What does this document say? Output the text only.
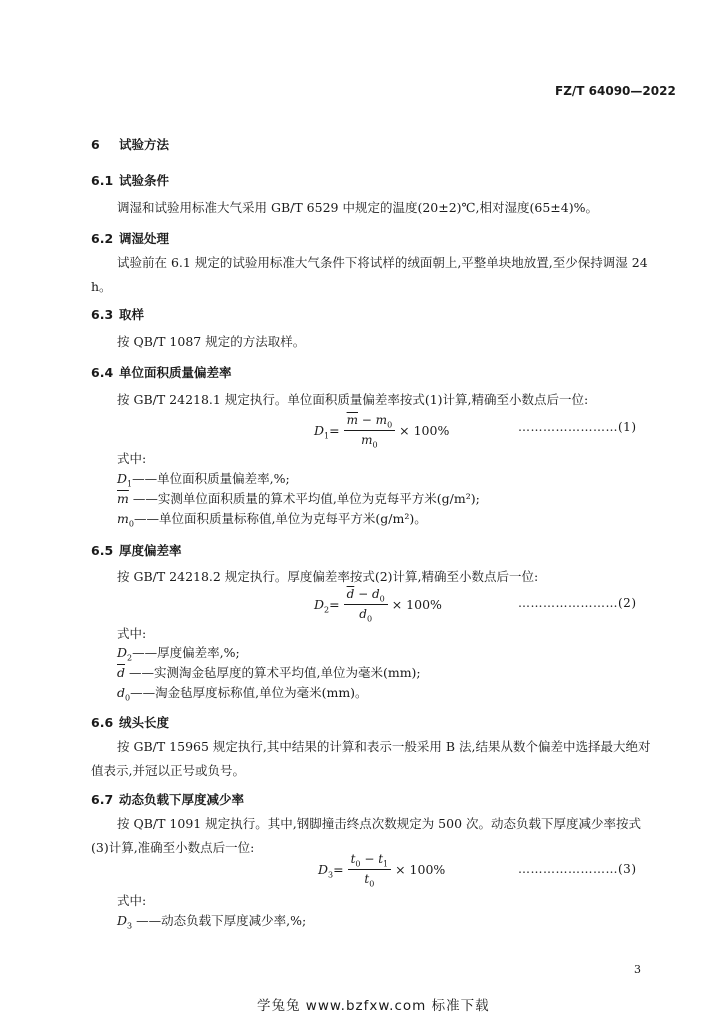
FZ/T 64090—2022
6 试验方法
6.1 试验条件
调湿和试验用标准大气采用 GB/T 6529 中规定的温度(20±2)℃,相对湿度(65±4)%。
6.2 调湿处理
试验前在 6.1 规定的试验用标准大气条件下将试样的绒面朝上,平整单块地放置,至少保持调湿 24 h。
6.3 取样
按 QB/T 1087 规定的方法取样。
6.4 单位面积质量偏差率
按 GB/T 24218.1 规定执行。单位面积质量偏差率按式(1)计算,精确至小数点后一位:
$D_1= \frac{\overline{m} - m_0}{m_0} \times 100\%$	……………………(1)
式中:
$D_1——$单位面积质量偏差率,%;
$\overline{m}$ ——实测单位面积质量的算术平均值,单位为克每平方米(g/m²);
$m_0——$单位面积质量标称值,单位为克每平方米(g/m²)。
6.5 厚度偏差率
按 GB/T 24218.2 规定执行。厚度偏差率按式(2)计算,精确至小数点后一位:
$D_2= \frac{\overline{d} - d_0}{d_0} \times 100\%$	……………………(2)
式中:
$D_2——$厚度偏差率,%;
$\overline{d}$ ——实测淘金毡厚度的算术平均值,单位为毫米(mm);
$d_0——$淘金毡厚度标称值,单位为毫米(mm)。
6.6 绒头长度
按 GB/T 15965 规定执行,其中结果的计算和表示一般采用 B 法,结果从数个偏差中选择最大绝对值表示,并冠以正号或负号。
6.7 动态负载下厚度减少率
按 QB/T 1091 规定执行。其中,钢脚撞击终点次数规定为 500 次。动态负载下厚度减少率按式(3)计算,准确至小数点后一位:
$D_3= \frac{t_0 - t_1}{t_0} \times 100\%$	……………………(3)
式中:
$D_3$ ——动态负载下厚度减少率,%;
3
学兔兔 www.bzfxw.com 标准下载
